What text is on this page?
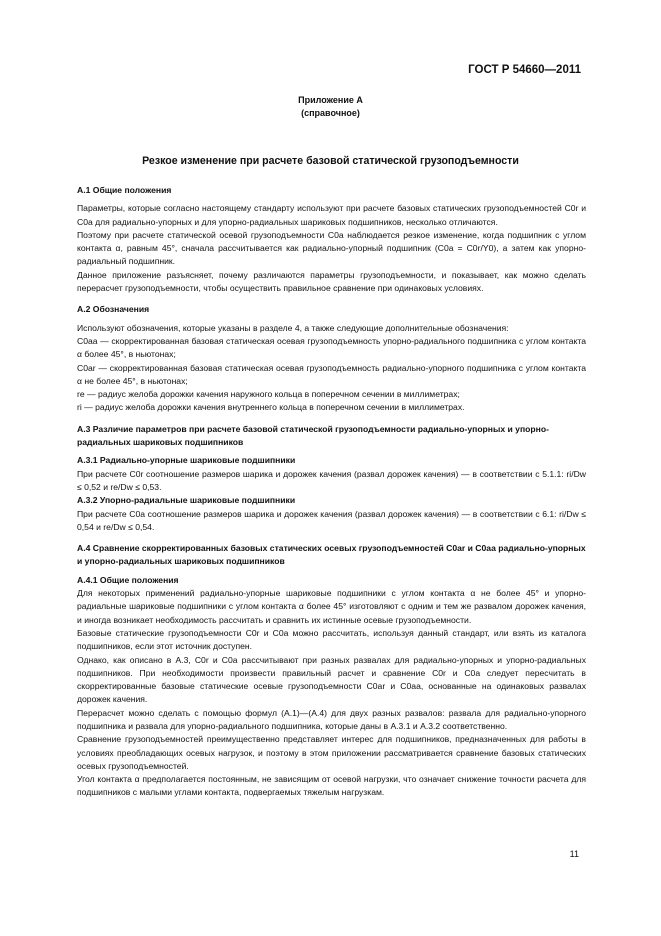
ГОСТ Р 54660—2011
Приложение А
(справочное)
Резкое изменение при расчете базовой статической грузоподъемности
А.1 Общие положения

Параметры, которые согласно настоящему стандарту используют при расчете базовых статических грузоподъемностей C0r и C0a для радиально-упорных и для упорно-радиальных шариковых подшипников, несколько отличаются.

Поэтому при расчете статической осевой грузоподъемности C0a наблюдается резкое изменение, когда подшипник с углом контакта α, равным 45°, сначала рассчитывается как радиально-упорный подшипник (C0a = C0r/Y0), а затем как упорно-радиальный подшипник.

Данное приложение разъясняет, почему различаются параметры грузоподъемности, и показывает, как можно сделать перерасчет грузоподъемности, чтобы осуществить правильное сравнение при одинаковых условиях.

А.2 Обозначения

Используют обозначения, которые указаны в разделе 4, а также следующие дополнительные обозначения:

C0aa — скорректированная базовая статическая осевая грузоподъемность упорно-радиального подшипника с углом контакта α более 45°, в ньютонах;

C0ar — скорректированная базовая статическая осевая грузоподъемность радиально-упорного подшипника с углом контакта α не более 45°, в ньютонах;

re — радиус желоба дорожки качения наружного кольца в поперечном сечении в миллиметрах;

ri — радиус желоба дорожки качения внутреннего кольца в поперечном сечении в миллиметрах.

А.3 Различие параметров при расчете базовой статической грузоподъемности радиально-упорных и упорно-радиальных шариковых подшипников
А.3.1 Радиально-упорные шариковые подшипники

При расчете C0r соотношение размеров шарика и дорожек качения (развал дорожек качения) — в соответствии с 5.1.1: ri/Dw ≤ 0,52 и re/Dw ≤ 0,53.

А.3.2 Упорно-радиальные шариковые подшипники

При расчете C0a соотношение размеров шарика и дорожек качения (развал дорожек качения) — в соответствии с 6.1: ri/Dw ≤ 0,54 и re/Dw ≤ 0,54.

А.4 Сравнение скорректированных базовых статических осевых грузоподъемностей C0ar и C0aa радиально-упорных и упорно-радиальных шариковых подшипников
А.4.1 Общие положения

Для некоторых применений радиально-упорные шариковые подшипники с углом контакта α не более 45° и упорно-радиальные шариковые подшипники с углом контакта α более 45° изготовляют с одним и тем же развалом дорожек качения, и иногда возникает необходимость рассчитать и сравнить их истинные осевые грузоподъемности.

Базовые статические грузоподъемности C0r и C0a можно рассчитать, используя данный стандарт, или взять из каталога подшипников, если этот источник доступен.

Однако, как описано в А.3, C0r и C0a рассчитывают при разных развалах для радиально-упорных и упорно-радиальных подшипников. При необходимости произвести правильный расчет и сравнение C0r и C0a следует пересчитать в скорректированные базовые статические осевые грузоподъемности C0ar и C0aa, основанные на одинаковых развалах дорожек качения.

Перерасчет можно сделать с помощью формул (А.1)—(А.4) для двух разных развалов: развала для радиально-упорного подшипника и развала для упорно-радиального подшипника, которые даны в А.3.1 и А.3.2 соответственно.

Сравнение грузоподъемностей преимущественно представляет интерес для подшипников, предназначенных для работы в условиях преобладающих осевых нагрузок, и поэтому в этом приложении рассматривается сравнение базовых статических осевых грузоподъемностей.

Угол контакта α предполагается постоянным, не зависящим от осевой нагрузки, что означает снижение точности расчета для подшипников с малыми углами контакта, подвергаемых тяжелым нагрузкам.

11
